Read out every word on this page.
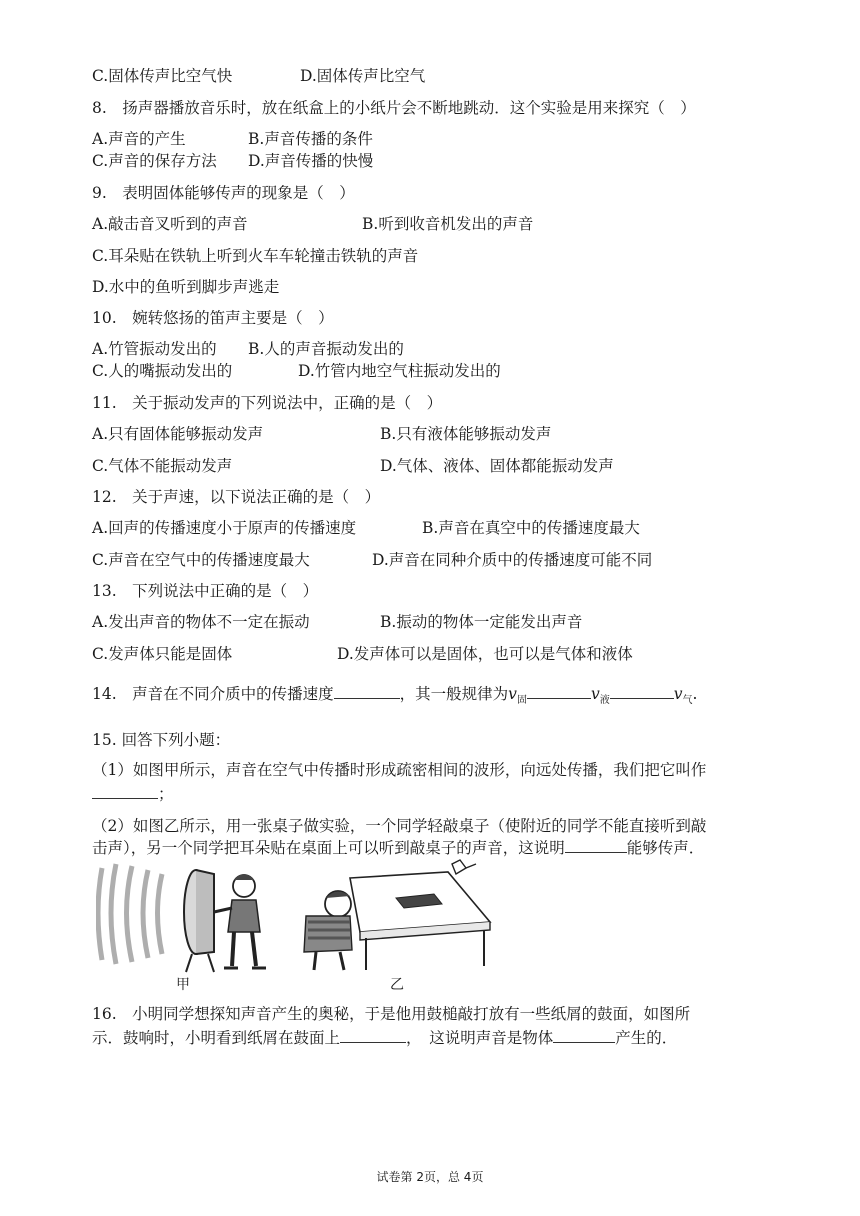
C.固体传声比空气快	D.固体传声比空气
8.　扬声器播放音乐时，放在纸盒上的小纸片会不断地跳动．这个实验是用来探究（　）
A.声音的产生	B.声音传播的条件
C.声音的保存方法 D.声音传播的快慢
9.　表明固体能够传声的现象是（　）
A.敲击音叉听到的声音	B.听到收音机发出的声音
C.耳朵贴在铁轨上听到火车车轮撞击铁轨的声音
D.水中的鱼听到脚步声逃走
10.　婉转悠扬的笛声主要是（　）
A.竹管振动发出的 B.人的声音振动发出的
C.人的嘴振动发出的	D.竹管内地空气柱振动发出的
11.　关于振动发声的下列说法中，正确的是（　）
A.只有固体能够振动发声	B.只有液体能够振动发声
C.气体不能振动发声	D.气体、液体、固体都能振动发声
12.　关于声速，以下说法正确的是（　）
A.回声的传播速度小于原声的传播速度	B.声音在真空中的传播速度最大
C.声音在空气中的传播速度最大	D.声音在同种介质中的传播速度可能不同
13.　下列说法中正确的是（　）
A.发出声音的物体不一定在振动	B.振动的物体一定能发出声音
C.发声体只能是固体	D.发声体可以是固体，也可以是气体和液体
14.　声音在不同介质中的传播速度	，其一般规律为$v_固$	$v_液$	$v_气$.
15. 回答下列小题：
（1）如图甲所示，声音在空气中传播时形成疏密相间的波形，向远处传播，我们把它叫作
；
（2）如图乙所示，用一张桌子做实验，一个同学轻敲桌子（使附近的同学不能直接听到敲
击声），另一个同学把耳朵贴在桌面上可以听到敲桌子的声音，这说明	能够传声．
甲	乙
16.　小明同学想探知声音产生的奥秘，于是他用鼓槌敲打放有一些纸屑的鼓面，如图所
示．鼓响时，小明看到纸屑在鼓面上	，　这说明声音是物体	产生的．
试卷第 2页，总 4页
